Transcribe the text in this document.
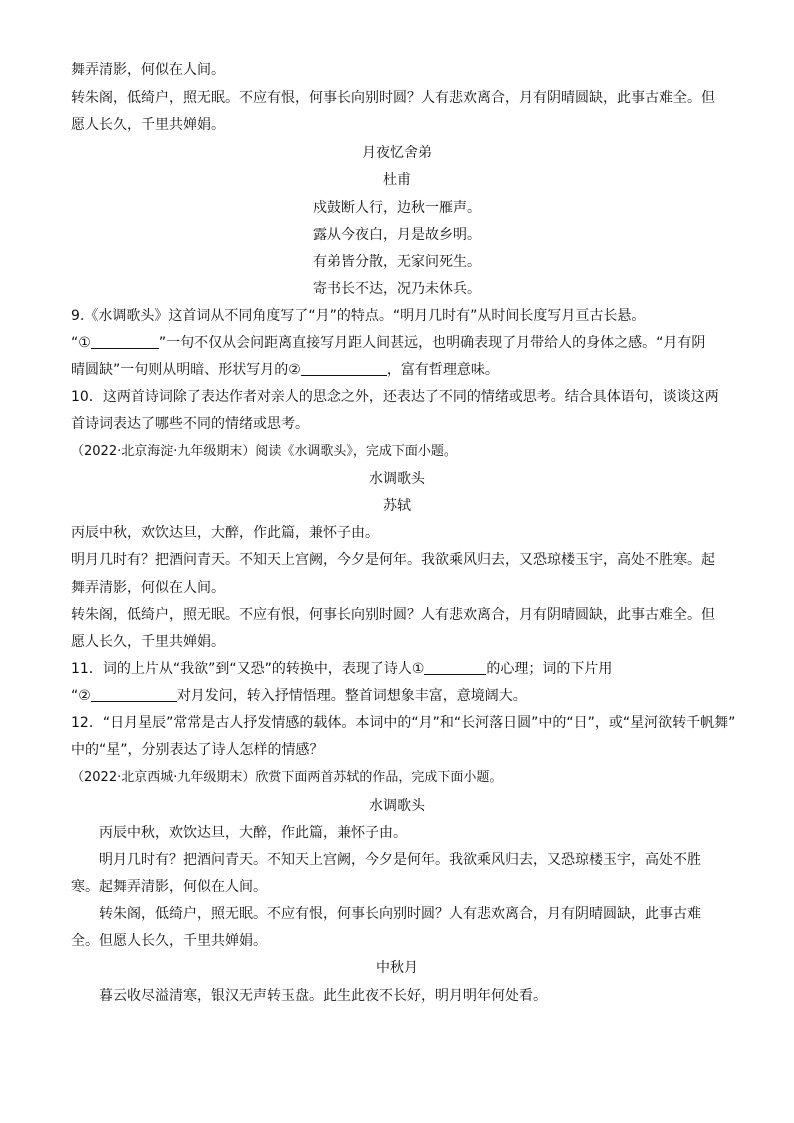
舞弄清影，何似在人间。
转朱阁，低绮户，照无眠。不应有恨，何事长向别时圆？人有悲欢离合，月有阴晴圆缺，此事古难全。但
愿人长久，千里共婵娟。
月夜忆舍弟
杜甫
戍鼓断人行，边秋一雁声。
露从今夜白，月是故乡明。
有弟皆分散，无家问死生。
寄书长不达，况乃未休兵。
9.《水调歌头》这首词从不同角度写了“月”的特点。“明月几时有”从时间长度写月亘古长悬。
“①	”一句不仅从会问距离直接写月距人间甚远，也明确表现了月带给人的身体之感。“月有阴
晴圆缺”一句则从明暗、形状写月的②	，富有哲理意味。
10．这两首诗词除了表达作者对亲人的思念之外，还表达了不同的情绪或思考。结合具体语句，谈谈这两
首诗词表达了哪些不同的情绪或思考。
（2022·北京海淀·九年级期末）阅读《水调歌头》，完成下面小题。
水调歌头
苏轼
丙辰中秋，欢饮达旦，大醉，作此篇，兼怀子由。
明月几时有？把酒问青天。不知天上宫阙，今夕是何年。我欲乘风归去，又恐琼楼玉宇，高处不胜寒。起
舞弄清影，何似在人间。
转朱阁，低绮户，照无眠。不应有恨，何事长向别时圆？人有悲欢离合，月有阴晴圆缺，此事古难全。但
愿人长久，千里共婵娟。
11．词的上片从“我欲”到“又恐”的转换中，表现了诗人①	的心理；词的下片用
“②	对月发问，转入抒情悟理。整首词想象丰富，意境阔大。
12．“日月星辰”常常是古人抒发情感的载体。本词中的“月”和“长河落日圆”中的“日”，或“星河欲转千帆舞”
中的“星”，分别表达了诗人怎样的情感？
（2022·北京西城·九年级期末）欣赏下面两首苏轼的作品，完成下面小题。
水调歌头
丙辰中秋，欢饮达旦，大醉，作此篇，兼怀子由。
明月几时有？把酒问青天。不知天上宫阙，今夕是何年。我欲乘风归去，又恐琼楼玉宇，高处不胜
寒。起舞弄清影，何似在人间。
转朱阁，低绮户，照无眠。不应有恨，何事长向别时圆？人有悲欢离合，月有阴晴圆缺，此事古难
全。但愿人长久，千里共婵娟。
中秋月
暮云收尽溢清寒，银汉无声转玉盘。此生此夜不长好，明月明年何处看。
